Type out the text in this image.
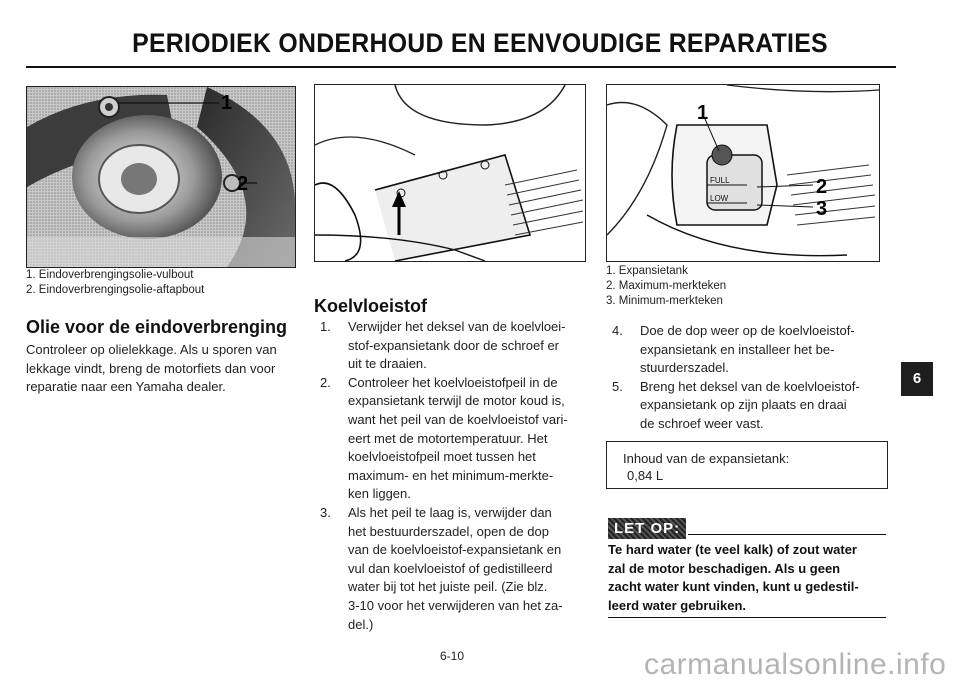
PERIODIEK ONDERHOUD EN EENVOUDIGE REPARATIES
1
2
1. Eindoverbrengingsolie-vulbout
2. Eindoverbrengingsolie-aftapbout
Olie voor de eindoverbrenging
Controleer op olielekkage. Als u sporen van
lekkage vindt, breng de motorfiets dan voor
reparatie naar een Yamaha dealer.
Koelvloeistof
1. Verwijder het deksel van de koelvloei-
stof-expansietank door de schroef er
uit te draaien.
2. Controleer het koelvloeistofpeil in de
expansietank terwijl de motor koud is,
want het peil van de koelvloeistof vari-
eert met de motortemperatuur. Het
koelvloeistofpeil moet tussen het
maximum- en het minimum-merkte-
ken liggen.
3. Als het peil te laag is, verwijder dan
het bestuurderszadel, open de dop
van de koelvloeistof-expansietank en
vul dan koelvloeistof of gedistilleerd
water bij tot het juiste peil. (Zie blz.
3-10 voor het verwijderen van het za-
del.)
FULL
LOW
1
2
3
1. Expansietank
2. Maximum-merkteken
3. Minimum-merkteken
4. Doe de dop weer op de koelvloeistof-
expansietank en installeer het be-
stuurderszadel.
5. Breng het deksel van de koelvloeistof-
expansietank op zijn plaats en draai
de schroef weer vast.
Inhoud van de expansietank:
0,84 L
LET OP:
Te hard water (te veel kalk) of zout water
zal de motor beschadigen. Als u geen
zacht water kunt vinden, kunt u gedestil-
leerd water gebruiken.
6
6-10	carmanualsonline.info
